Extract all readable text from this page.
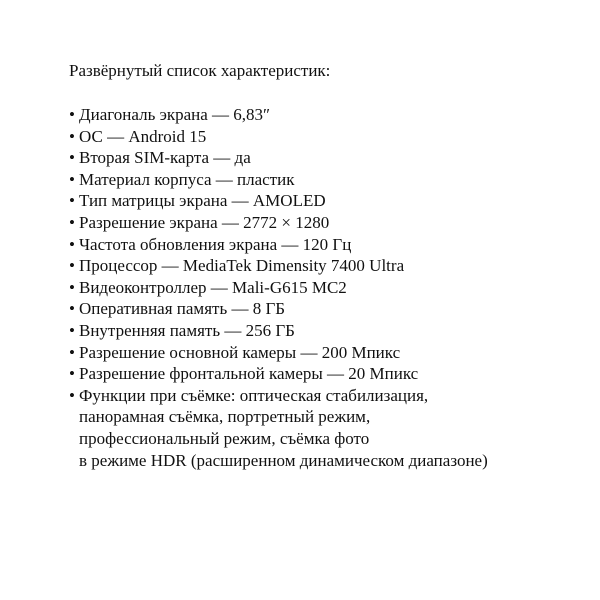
Развёрнутый список характеристик:

•
Диагональ экрана — 6,83″
•
ОС — Android 15
•
Вторая SIM-карта — да
•
Материал корпуса — пластик
•
Тип матрицы экрана — AMOLED
•
Разрешение экрана — 2772 × 1280
•
Частота обновления экрана — 120 Гц
•
Процессор — MediaTek Dimensity 7400 Ultra
•
Видеоконтроллер — Mali-G615 MC2
•
Оперативная память — 8 ГБ
•
Внутренняя память — 256 ГБ
•
Разрешение основной камеры — 200 Мпикс
•
Разрешение фронтальной камеры — 20 Мпикс
•
Функции при съёмке: оптическая стабилизация,
панорамная съёмка, портретный режим,
профессиональный режим, съёмка фото
в режиме HDR (расширенном динамическом диапазоне)
